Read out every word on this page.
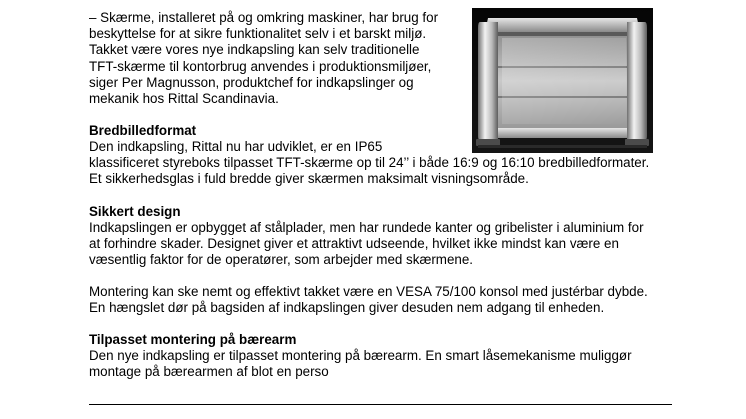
– Skærme, installeret på og omkring maskiner, har brug for
beskyttelse for at sikre funktionalitet selv i et barskt miljø.
Takket være vores nye indkapsling kan selv traditionelle
TFT-skærme til kontorbrug anvendes i produktionsmiljøer,
siger Per Magnusson, produktchef for indkapslinger og
mekanik hos Rittal Scandinavia.
Bredbilledformat
Den indkapsling, Rittal nu har udviklet, er en IP65
klassificeret styreboks tilpasset TFT-skærme op til 24’’ i både 16:9 og 16:10 bredbilledformater.
Et sikkerhedsglas i fuld bredde giver skærmen maksimalt visningsområde.
Sikkert design
Indkapslingen er opbygget af stålplader, men har rundede kanter og gribelister i aluminium for
at forhindre skader. Designet giver et attraktivt udseende, hvilket ikke mindst kan være en
væsentlig faktor for de operatører, som arbejder med skærmene.
Montering kan ske nemt og effektivt takket være en VESA 75/100 konsol med justérbar dybde.
En hængslet dør på bagsiden af indkapslingen giver desuden nem adgang til enheden.
Tilpasset montering på bærearm
Den nye indkapsling er tilpasset montering på bærearm. En smart låsemekanisme muliggør
montage på bærearmen af blot en perso
